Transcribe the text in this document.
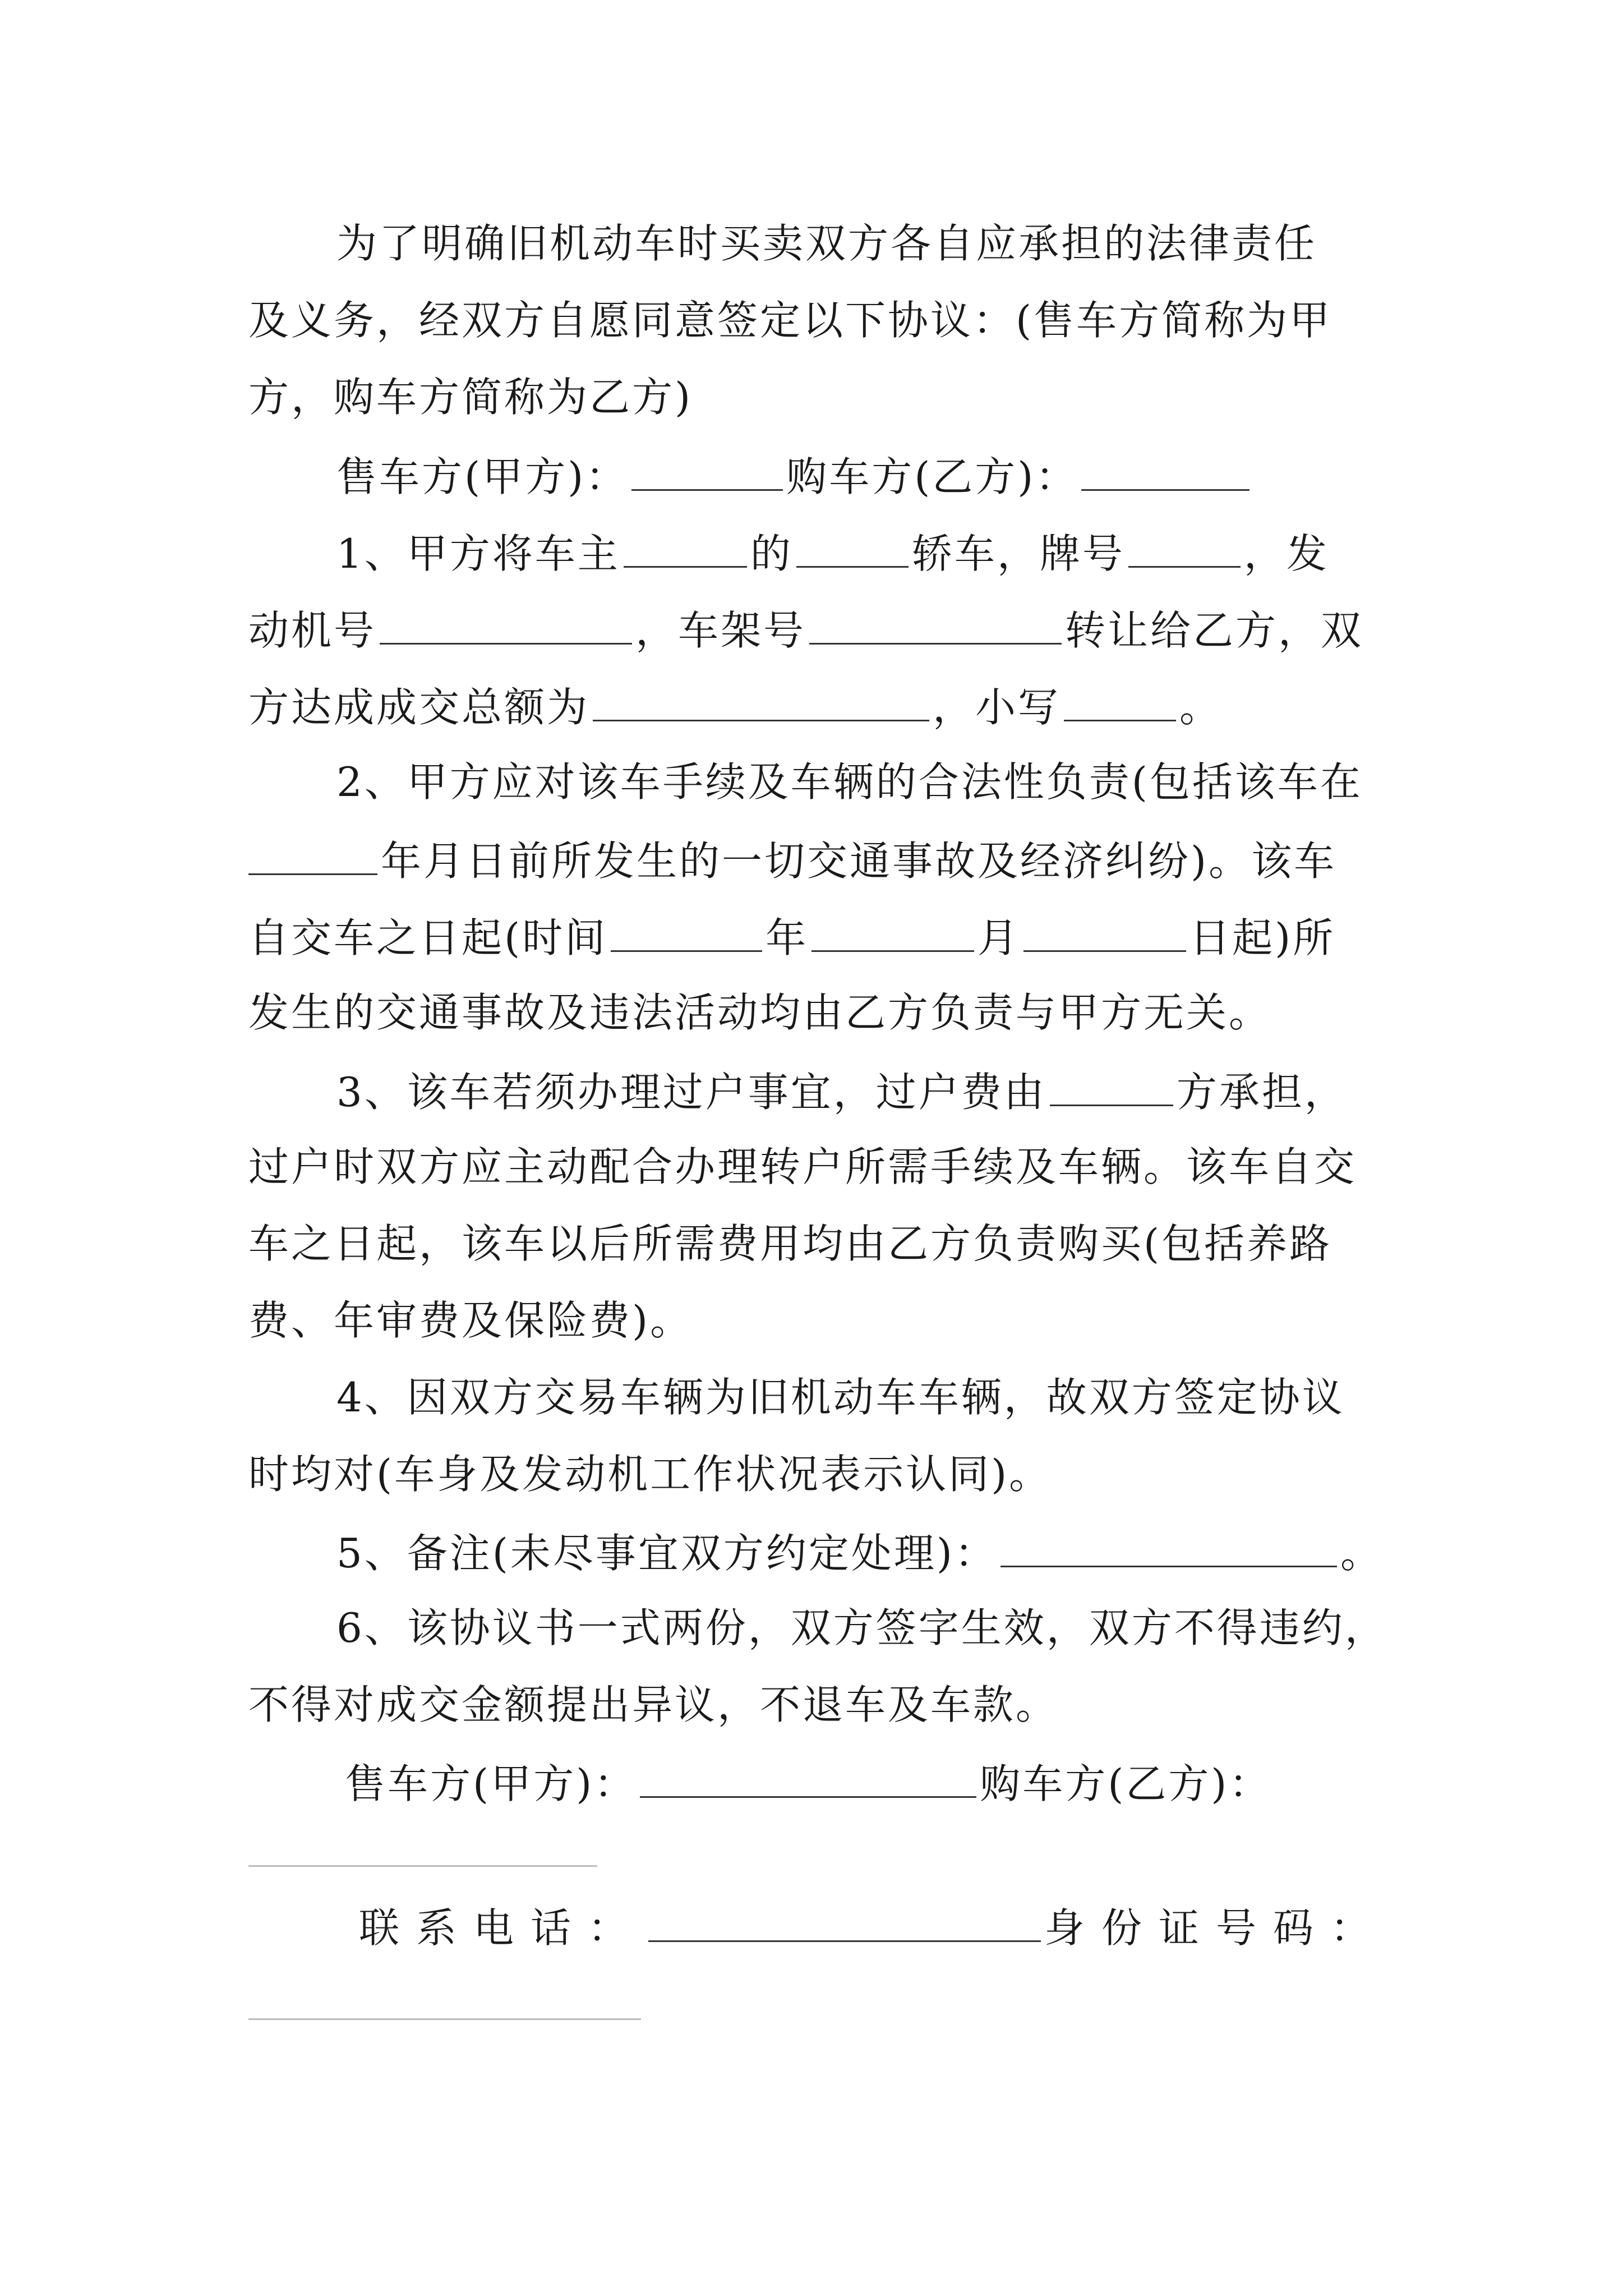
为了明确旧机动车时买卖双方各自应承担的法律责任
及义务，经双方自愿同意签定以下协议：(售车方简称为甲
方，购车方简称为乙方)
售车方(甲方)：	购车方(乙方)：
1、甲方将车主	的	轿车，牌号	，发
动机号	，车架号	转让给乙方，双
方达成成交总额为	，小写	。
2、甲方应对该车手续及车辆的合法性负责(包括该车在
年月日前所发生的一切交通事故及经济纠纷)。该车
自交车之日起(时间	年	月	日起)所
发生的交通事故及违法活动均由乙方负责与甲方无关。
3、该车若须办理过户事宜，过户费由	方承担，
过户时双方应主动配合办理转户所需手续及车辆。该车自交
车之日起，该车以后所需费用均由乙方负责购买(包括养路
费、年审费及保险费)。
4、因双方交易车辆为旧机动车车辆，故双方签定协议
时均对(车身及发动机工作状况表示认同)。
5、备注(未尽事宜双方约定处理)：	。
6、该协议书一式两份，双方签字生效，双方不得违约，
不得对成交金额提出异议，不退车及车款。
售车方(甲方)：	购车方(乙方)：
联系电话：	身份证号码：
